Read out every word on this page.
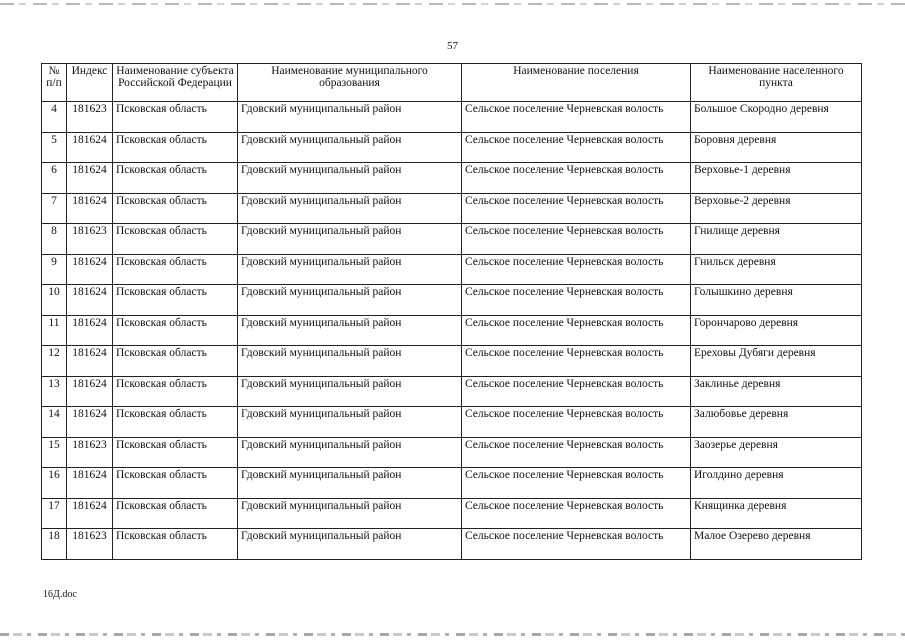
57
№ п/п	Индекс	Наименование субъекта Российской Федерации	Наименование муниципального образования	Наименование поселения	Наименование населенного пункта
4	181623	Псковская область	Гдовский муниципальный район	Сельское поселение Черневская волость	Большое Скородно деревня
5	181624	Псковская область	Гдовский муниципальный район	Сельское поселение Черневская волость	Боровня деревня
6	181624	Псковская область	Гдовский муниципальный район	Сельское поселение Черневская волость	Верховье-1 деревня
7	181624	Псковская область	Гдовский муниципальный район	Сельское поселение Черневская волость	Верховье-2 деревня
8	181623	Псковская область	Гдовский муниципальный район	Сельское поселение Черневская волость	Гнилище деревня
9	181624	Псковская область	Гдовский муниципальный район	Сельское поселение Черневская волость	Гнильск деревня
10	181624	Псковская область	Гдовский муниципальный район	Сельское поселение Черневская волость	Голышкино деревня
11	181624	Псковская область	Гдовский муниципальный район	Сельское поселение Черневская волость	Горончарово деревня
12	181624	Псковская область	Гдовский муниципальный район	Сельское поселение Черневская волость	Ереховы Дубяги деревня
13	181624	Псковская область	Гдовский муниципальный район	Сельское поселение Черневская волость	Заклинье деревня
14	181624	Псковская область	Гдовский муниципальный район	Сельское поселение Черневская волость	Залюбовье деревня
15	181623	Псковская область	Гдовский муниципальный район	Сельское поселение Черневская волость	Заозерье деревня
16	181624	Псковская область	Гдовский муниципальный район	Сельское поселение Черневская волость	Иголдино деревня
17	181624	Псковская область	Гдовский муниципальный район	Сельское поселение Черневская волость	Княщинка деревня
18	181623	Псковская область	Гдовский муниципальный район	Сельское поселение Черневская волость	Малое Озерево деревня
16Д.doc
